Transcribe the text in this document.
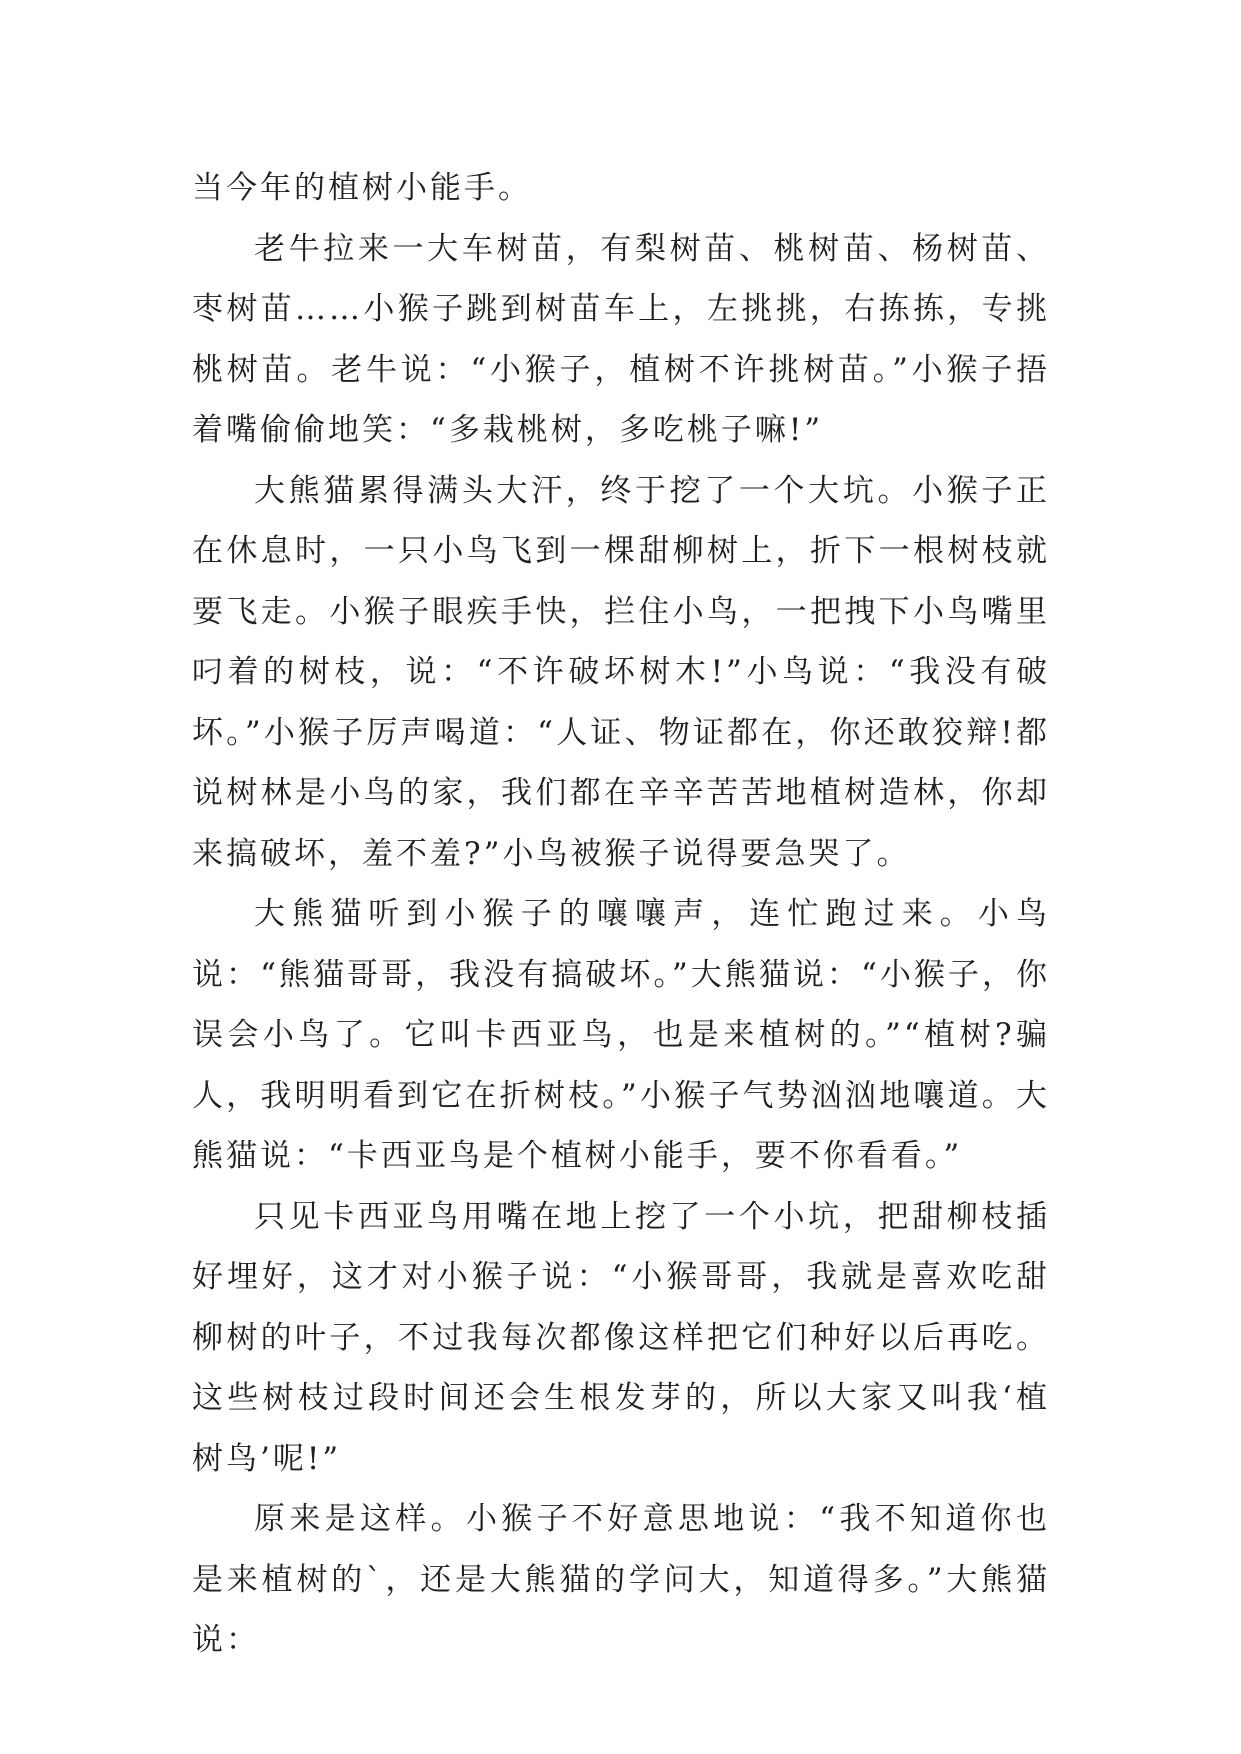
当今年的植树小能手。

老牛拉来一大车树苗，有梨树苗、桃树苗、杨树苗、枣树苗……小猴子跳到树苗车上，左挑挑，右拣拣，专挑桃树苗。老牛说：“小猴子，植树不许挑树苗。”小猴子捂着嘴偷偷地笑：“多栽桃树，多吃桃子嘛!”

大熊猫累得满头大汗，终于挖了一个大坑。小猴子正在休息时，一只小鸟飞到一棵甜柳树上，折下一根树枝就要飞走。小猴子眼疾手快，拦住小鸟，一把拽下小鸟嘴里叼着的树枝，说：“不许破坏树木!”小鸟说：“我没有破坏。”小猴子厉声喝道：“人证、物证都在，你还敢狡辩!都说树林是小鸟的家，我们都在辛辛苦苦地植树造林，你却来搞破坏，羞不羞?”小鸟被猴子说得要急哭了。

大熊猫听到小猴子的嚷嚷声，连忙跑过来。小鸟说：“熊猫哥哥，我没有搞破坏。”大熊猫说：“小猴子，你误会小鸟了。它叫卡西亚鸟，也是来植树的。”“植树?骗人，我明明看到它在折树枝。”小猴子气势汹汹地嚷道。大熊猫说：“卡西亚鸟是个植树小能手，要不你看看。”

只见卡西亚鸟用嘴在地上挖了一个小坑，把甜柳枝插好埋好，这才对小猴子说：“小猴哥哥，我就是喜欢吃甜柳树的叶子，不过我每次都像这样把它们种好以后再吃。这些树枝过段时间还会生根发芽的，所以大家又叫我‘植树鸟’呢!”

原来是这样。小猴子不好意思地说：“我不知道你也是来植树的`，还是大熊猫的学问大，知道得多。”大熊猫说：
